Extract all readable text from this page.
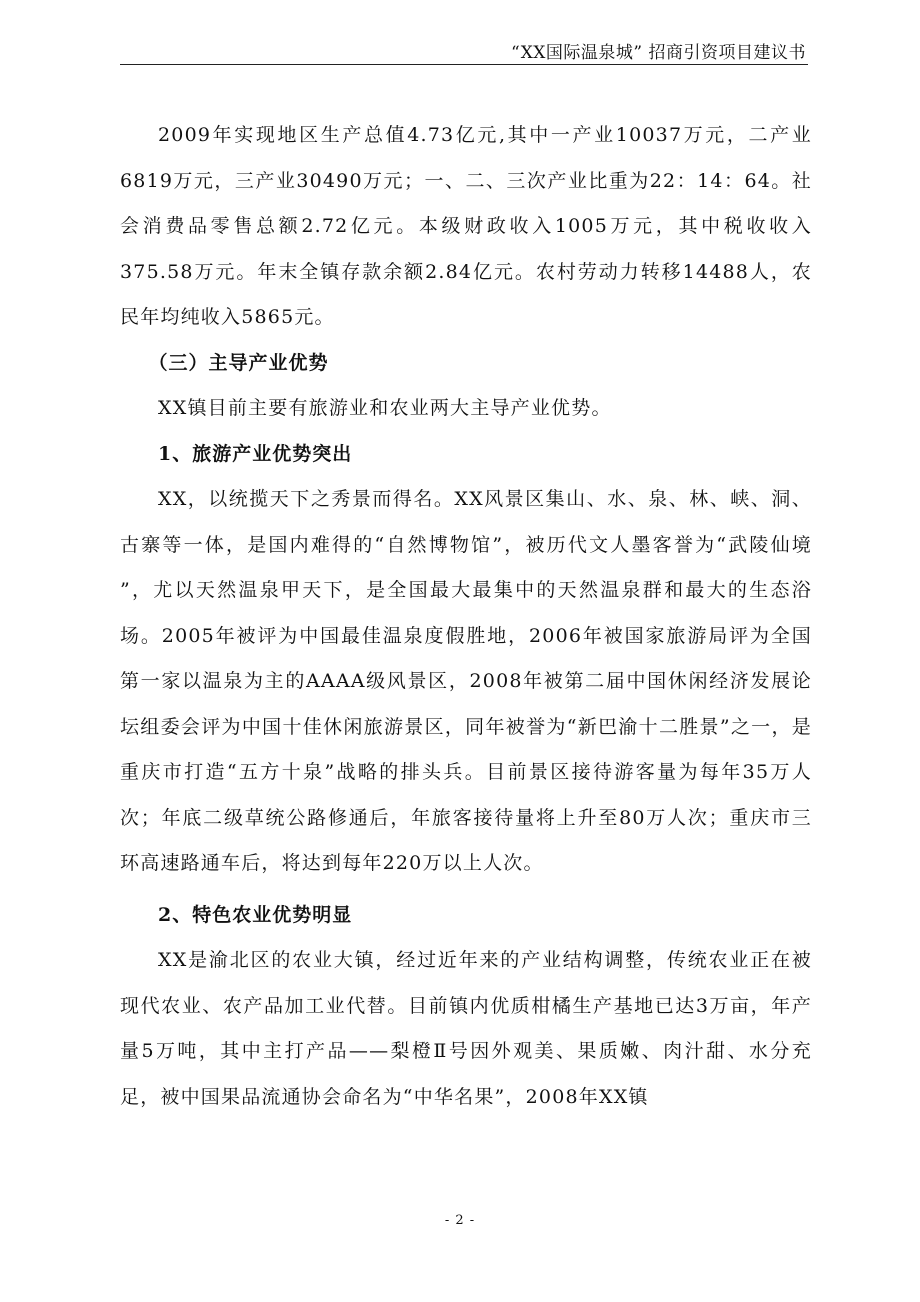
“XX国际温泉城” 招商引资项目建议书

2009年实现地区生产总值4.73亿元,其中一产业10037万元，二产业6819万元，三产业30490万元；一、二、三次产业比重为22：14：64。社会消费品零售总额2.72亿元。本级财政收入1005万元，其中税收收入375.58万元。年末全镇存款余额2.84亿元。农村劳动力转移14488人，农民年均纯收入5865元。

（三）主导产业优势

XX镇目前主要有旅游业和农业两大主导产业优势。

1、旅游产业优势突出

XX，以统揽天下之秀景而得名。XX风景区集山、水、泉、林、峡、洞、古寨等一体，是国内难得的“自然博物馆”，被历代文人墨客誉为“武陵仙境 ”，尤以天然温泉甲天下，是全国最大最集中的天然温泉群和最大的生态浴场。2005年被评为中国最佳温泉度假胜地，2006年被国家旅游局评为全国第一家以温泉为主的AAAA级风景区，2008年被第二届中国休闲经济发展论坛组委会评为中国十佳休闲旅游景区，同年被誉为“新巴渝十二胜景”之一，是重庆市打造“五方十泉”战略的排头兵。目前景区接待游客量为每年35万人次；年底二级草统公路修通后，年旅客接待量将上升至80万人次；重庆市三环高速路通车后，将达到每年220万以上人次。

2、特色农业优势明显

XX是渝北区的农业大镇，经过近年来的产业结构调整，传统农业正在被现代农业、农产品加工业代替。目前镇内优质柑橘生产基地已达3万亩，年产量5万吨，其中主打产品——梨橙Ⅱ号因外观美、果质嫩、肉汁甜、水分充足，被中国果品流通协会命名为“中华名果”，2008年XX镇

- 2 -
